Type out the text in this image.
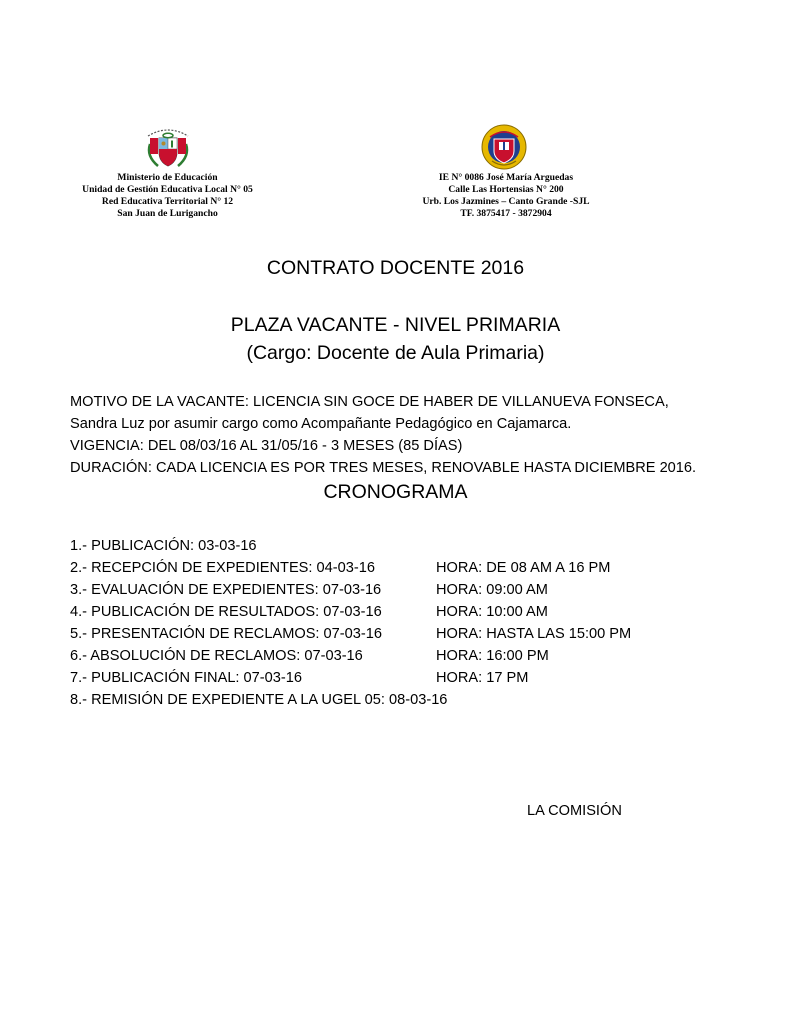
Ministerio de Educación
Unidad de Gestión Educativa Local N° 05
Red Educativa Territorial N° 12
San Juan de Lurigancho
IE N° 0086 José María Arguedas
Calle Las Hortensias N° 200
Urb. Los Jazmines – Canto Grande -SJL
TF. 3875417 - 3872904
CONTRATO DOCENTE 2016
PLAZA VACANTE - NIVEL PRIMARIA
(Cargo: Docente de Aula Primaria)
MOTIVO DE LA VACANTE: LICENCIA SIN GOCE DE HABER DE VILLANUEVA FONSECA,
Sandra Luz por asumir cargo como Acompañante Pedagógico en Cajamarca.
VIGENCIA: DEL 08/03/16 AL 31/05/16 - 3 MESES (85 DÍAS)
DURACIÓN: CADA LICENCIA ES POR TRES MESES, RENOVABLE HASTA DICIEMBRE 2016.
CRONOGRAMA
1.- PUBLICACIÓN: 03-03-16
2.- RECEPCIÓN DE EXPEDIENTES: 04-03-16	HORA: DE 08 AM A 16 PM
3.- EVALUACIÓN DE EXPEDIENTES: 07-03-16	HORA: 09:00 AM
4.- PUBLICACIÓN DE RESULTADOS: 07-03-16	HORA: 10:00 AM
5.- PRESENTACIÓN DE RECLAMOS: 07-03-16	HORA: HASTA LAS 15:00 PM
6.- ABSOLUCIÓN DE RECLAMOS: 07-03-16	HORA: 16:00 PM
7.- PUBLICACIÓN FINAL: 07-03-16	HORA: 17 PM
8.- REMISIÓN DE EXPEDIENTE A LA UGEL 05: 08-03-16
LA COMISIÓN
